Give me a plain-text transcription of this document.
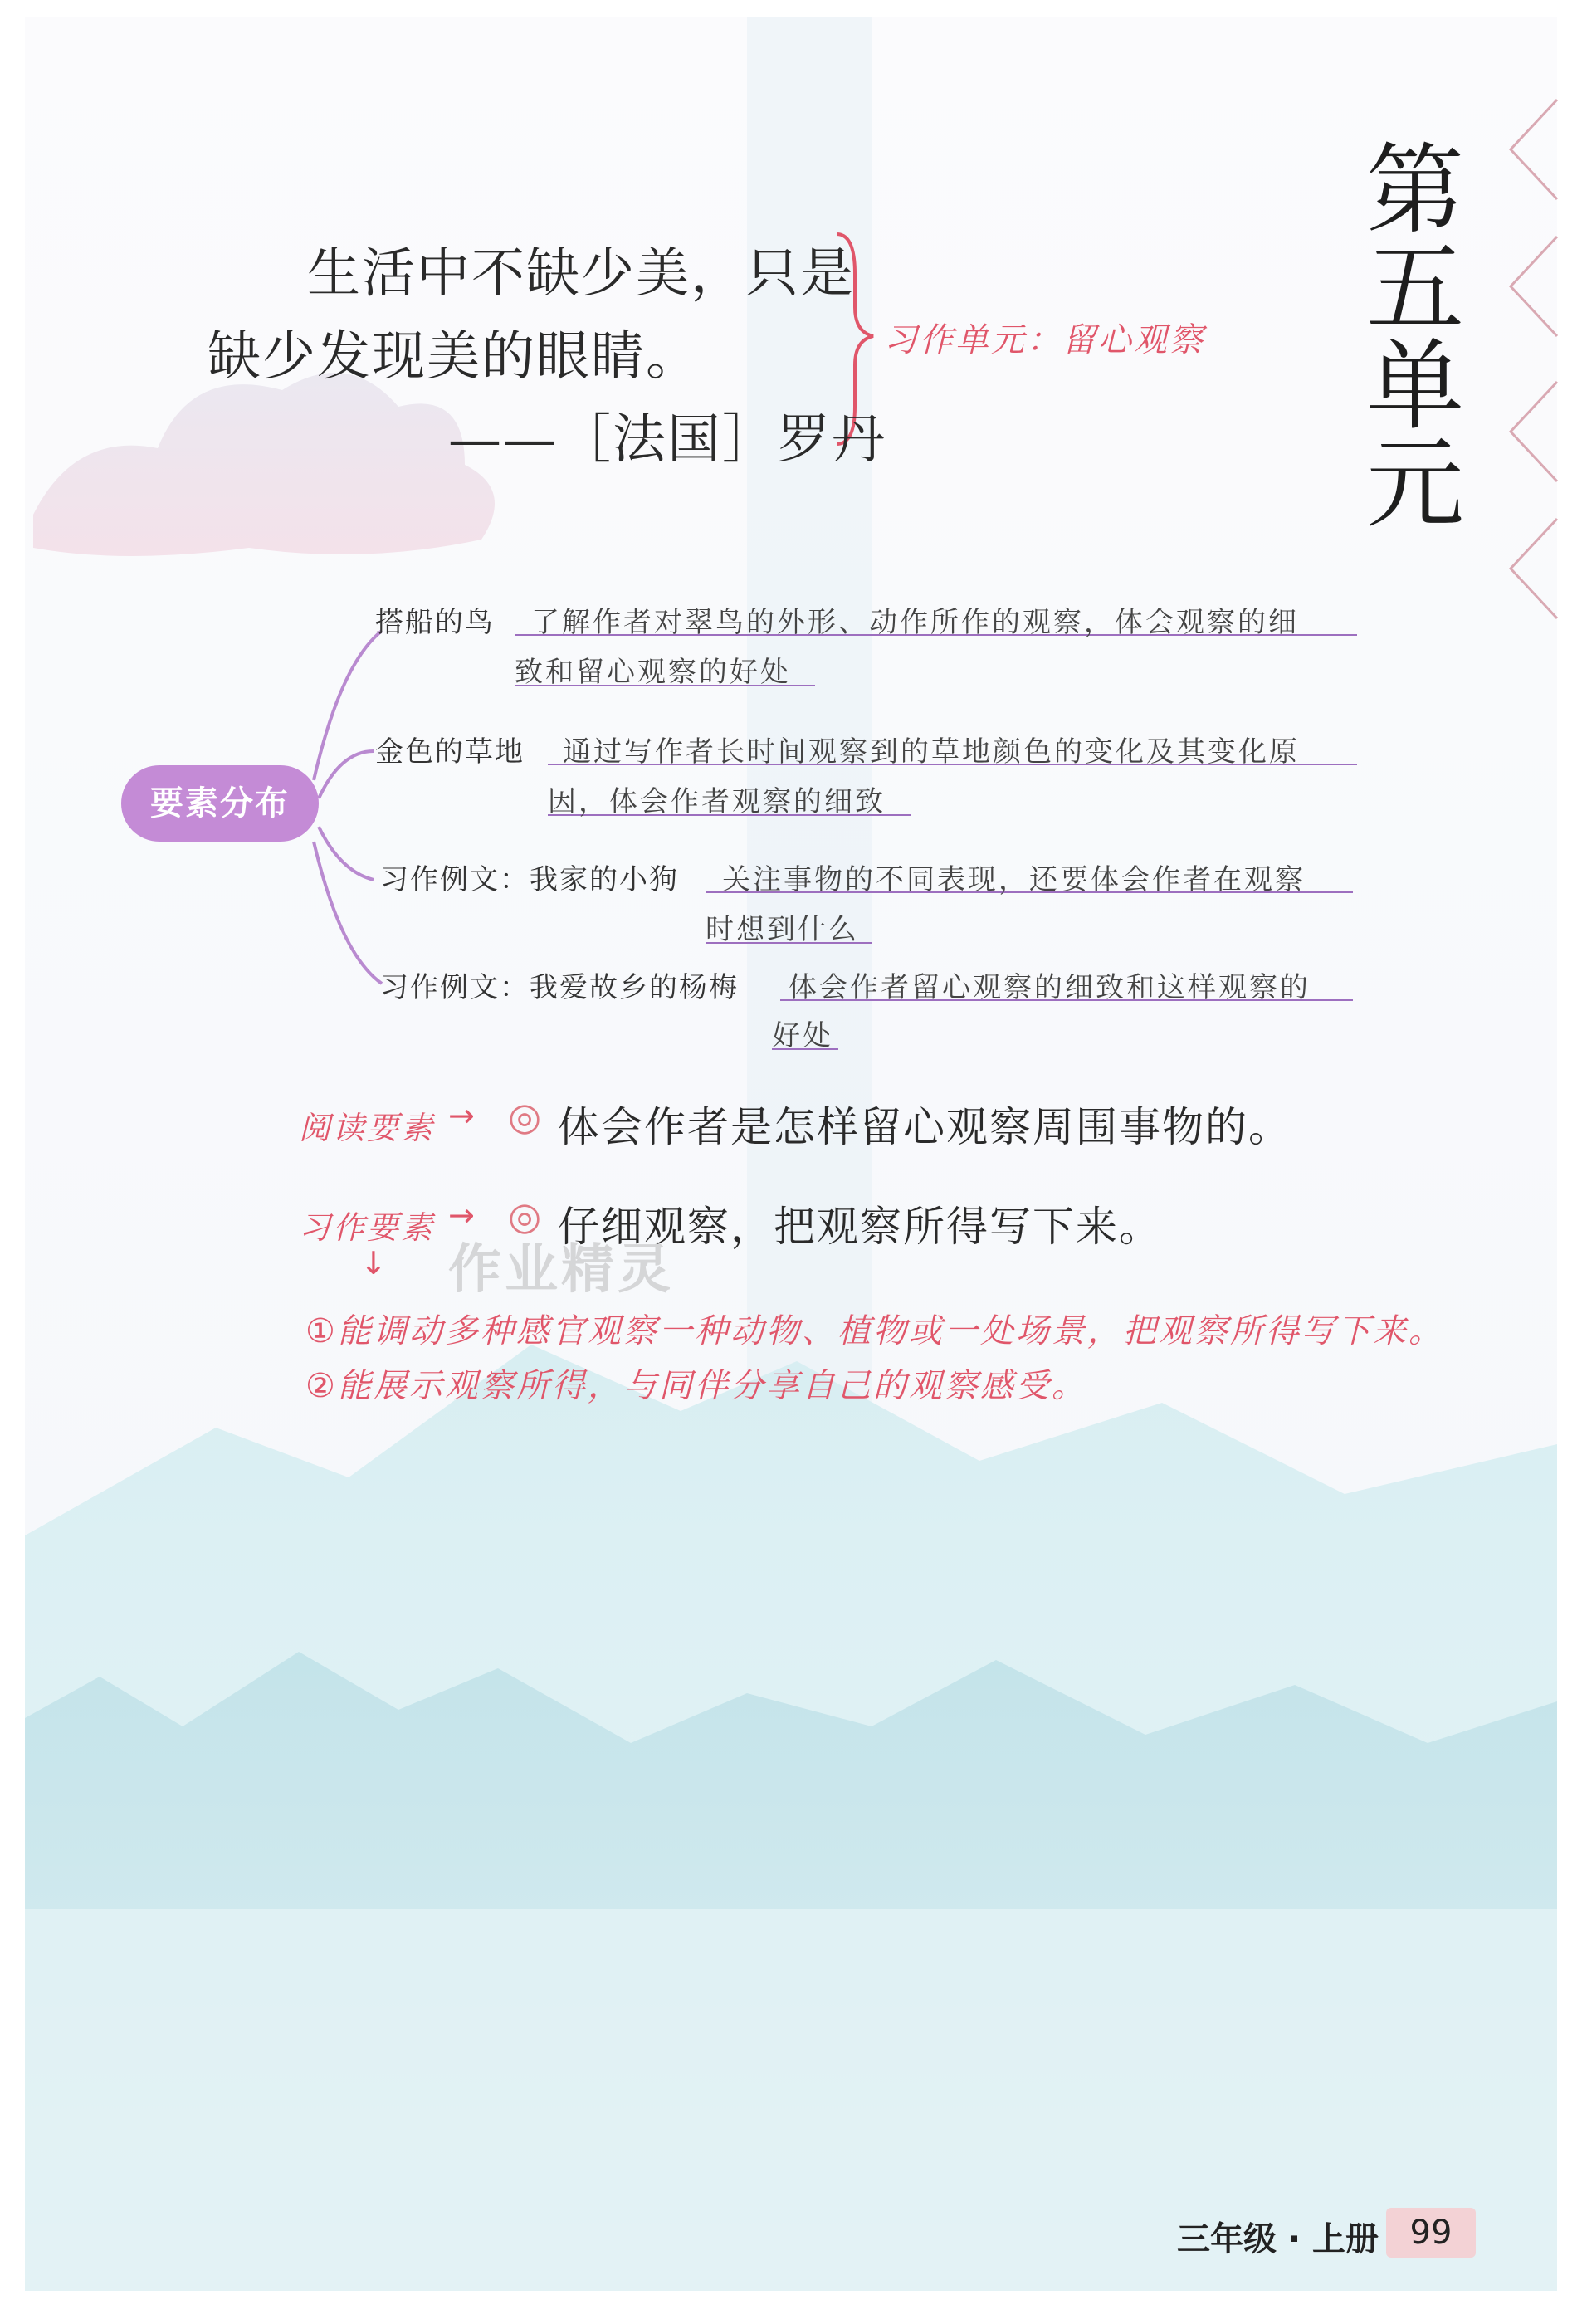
生活中不缺少美，只是
缺少发现美的眼睛。
——［法国］罗丹
习作单元：留心观察
第
五
单
元
要素分布
搭船的鸟 了解作者对翠鸟的外形、动作所作的观察，体会观察的细
致和留心观察的好处
金色的草地 通过写作者长时间观察到的草地颜色的变化及其变化原
因，体会作者观察的细致
习作例文：我家的小狗 关注事物的不同表现，还要体会作者在观察
时想到什么
习作例文：我爱故乡的杨梅 体会作者留心观察的细致和这样观察的
好处
阅读要素 → ◎ 体会作者是怎样留心观察周围事物的。
习作要素 → ◎ 仔细观察，把观察所得写下来。
↓ 作业精灵
①能调动多种感官观察一种动物、植物或一处场景，把观察所得写下来。
②能展示观察所得，与同伴分享自己的观察感受。
三年级 · 上册 99
